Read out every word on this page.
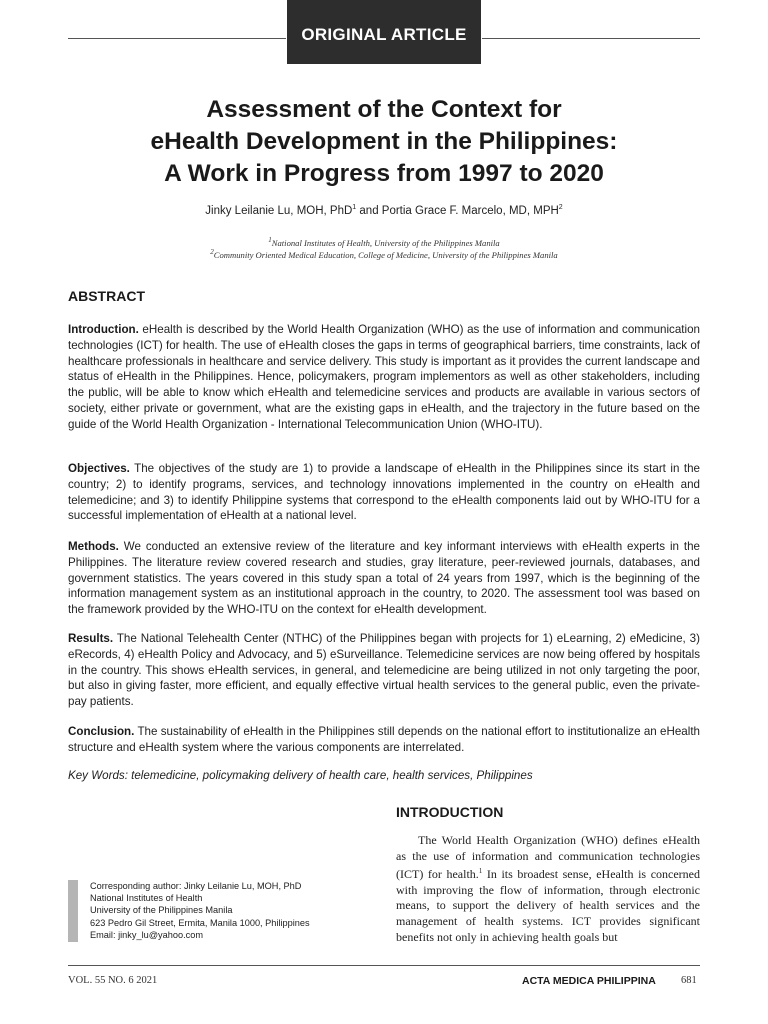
ORIGINAL ARTICLE
Assessment of the Context for
eHealth Development in the Philippines:
A Work in Progress from 1997 to 2020
Jinky Leilanie Lu, MOH, PhD$^1$ and Portia Grace F. Marcelo, MD, MPH$^2$
$^1$National Institutes of Health, University of the Philippines Manila
$^2$Community Oriented Medical Education, College of Medicine, University of the Philippines Manila
ABSTRACT

Introduction. eHealth is described by the World Health Organization (WHO) as the use of information and communication technologies (ICT) for health. The use of eHealth closes the gaps in terms of geographical barriers, time constraints, lack of healthcare professionals in healthcare and service delivery. This study is important as it provides the current landscape and status of eHealth in the Philippines. Hence, policymakers, program implementors as well as other stakeholders, including the public, will be able to know which eHealth and telemedicine services and products are available in various sectors of society, either private or government, what are the existing gaps in eHealth, and the trajectory in the future based on the guide of the World Health Organization - International Telecommunication Union (WHO-ITU).

Objectives. The objectives of the study are 1) to provide a landscape of eHealth in the Philippines since its start in the country; 2) to identify programs, services, and technology innovations implemented in the country on eHealth and telemedicine; and 3) to identify Philippine systems that correspond to the eHealth components laid out by WHO-ITU for a successful implementation of eHealth at a national level.

Methods. We conducted an extensive review of the literature and key informant interviews with eHealth experts in the Philippines. The literature review covered research and studies, gray literature, peer-reviewed journals, databases, and government statistics. The years covered in this study span a total of 24 years from 1997, which is the beginning of the information management system as an institutional approach in the country, to 2020. The assessment tool was based on the framework provided by the WHO-ITU on the context for eHealth development.

Results. The National Telehealth Center (NTHC) of the Philippines began with projects for 1) eLearning, 2) eMedicine, 3) eRecords, 4) eHealth Policy and Advocacy, and 5) eSurveillance. Telemedicine services are now being offered by hospitals in the country. This shows eHealth services, in general, and telemedicine are being utilized in not only targeting the poor, but also in giving faster, more efficient, and equally effective virtual health services to the general public, even the private-pay patients.

Conclusion. The sustainability of eHealth in the Philippines still depends on the national effort to institutionalize an eHealth structure and eHealth system where the various components are interrelated.

Key Words: telemedicine, policymaking delivery of health care, health services, Philippines

INTRODUCTION

The World Health Organization (WHO) defines eHealth as the use of information and communication technologies (ICT) for health.$^1$ In its broadest sense, eHealth is concerned with improving the flow of information, through electronic means, to support the delivery of health services and the management of health systems. ICT provides significant benefits not only in achieving health goals but

Corresponding author: Jinky Leilanie Lu, MOH, PhD
National Institutes of Health
University of the Philippines Manila
623 Pedro Gil Street, Ermita, Manila 1000, Philippines
Email: jinky_lu@yahoo.com
VOL. 55 NO. 6 2021	ACTA MEDICA PHILIPPINA 681
